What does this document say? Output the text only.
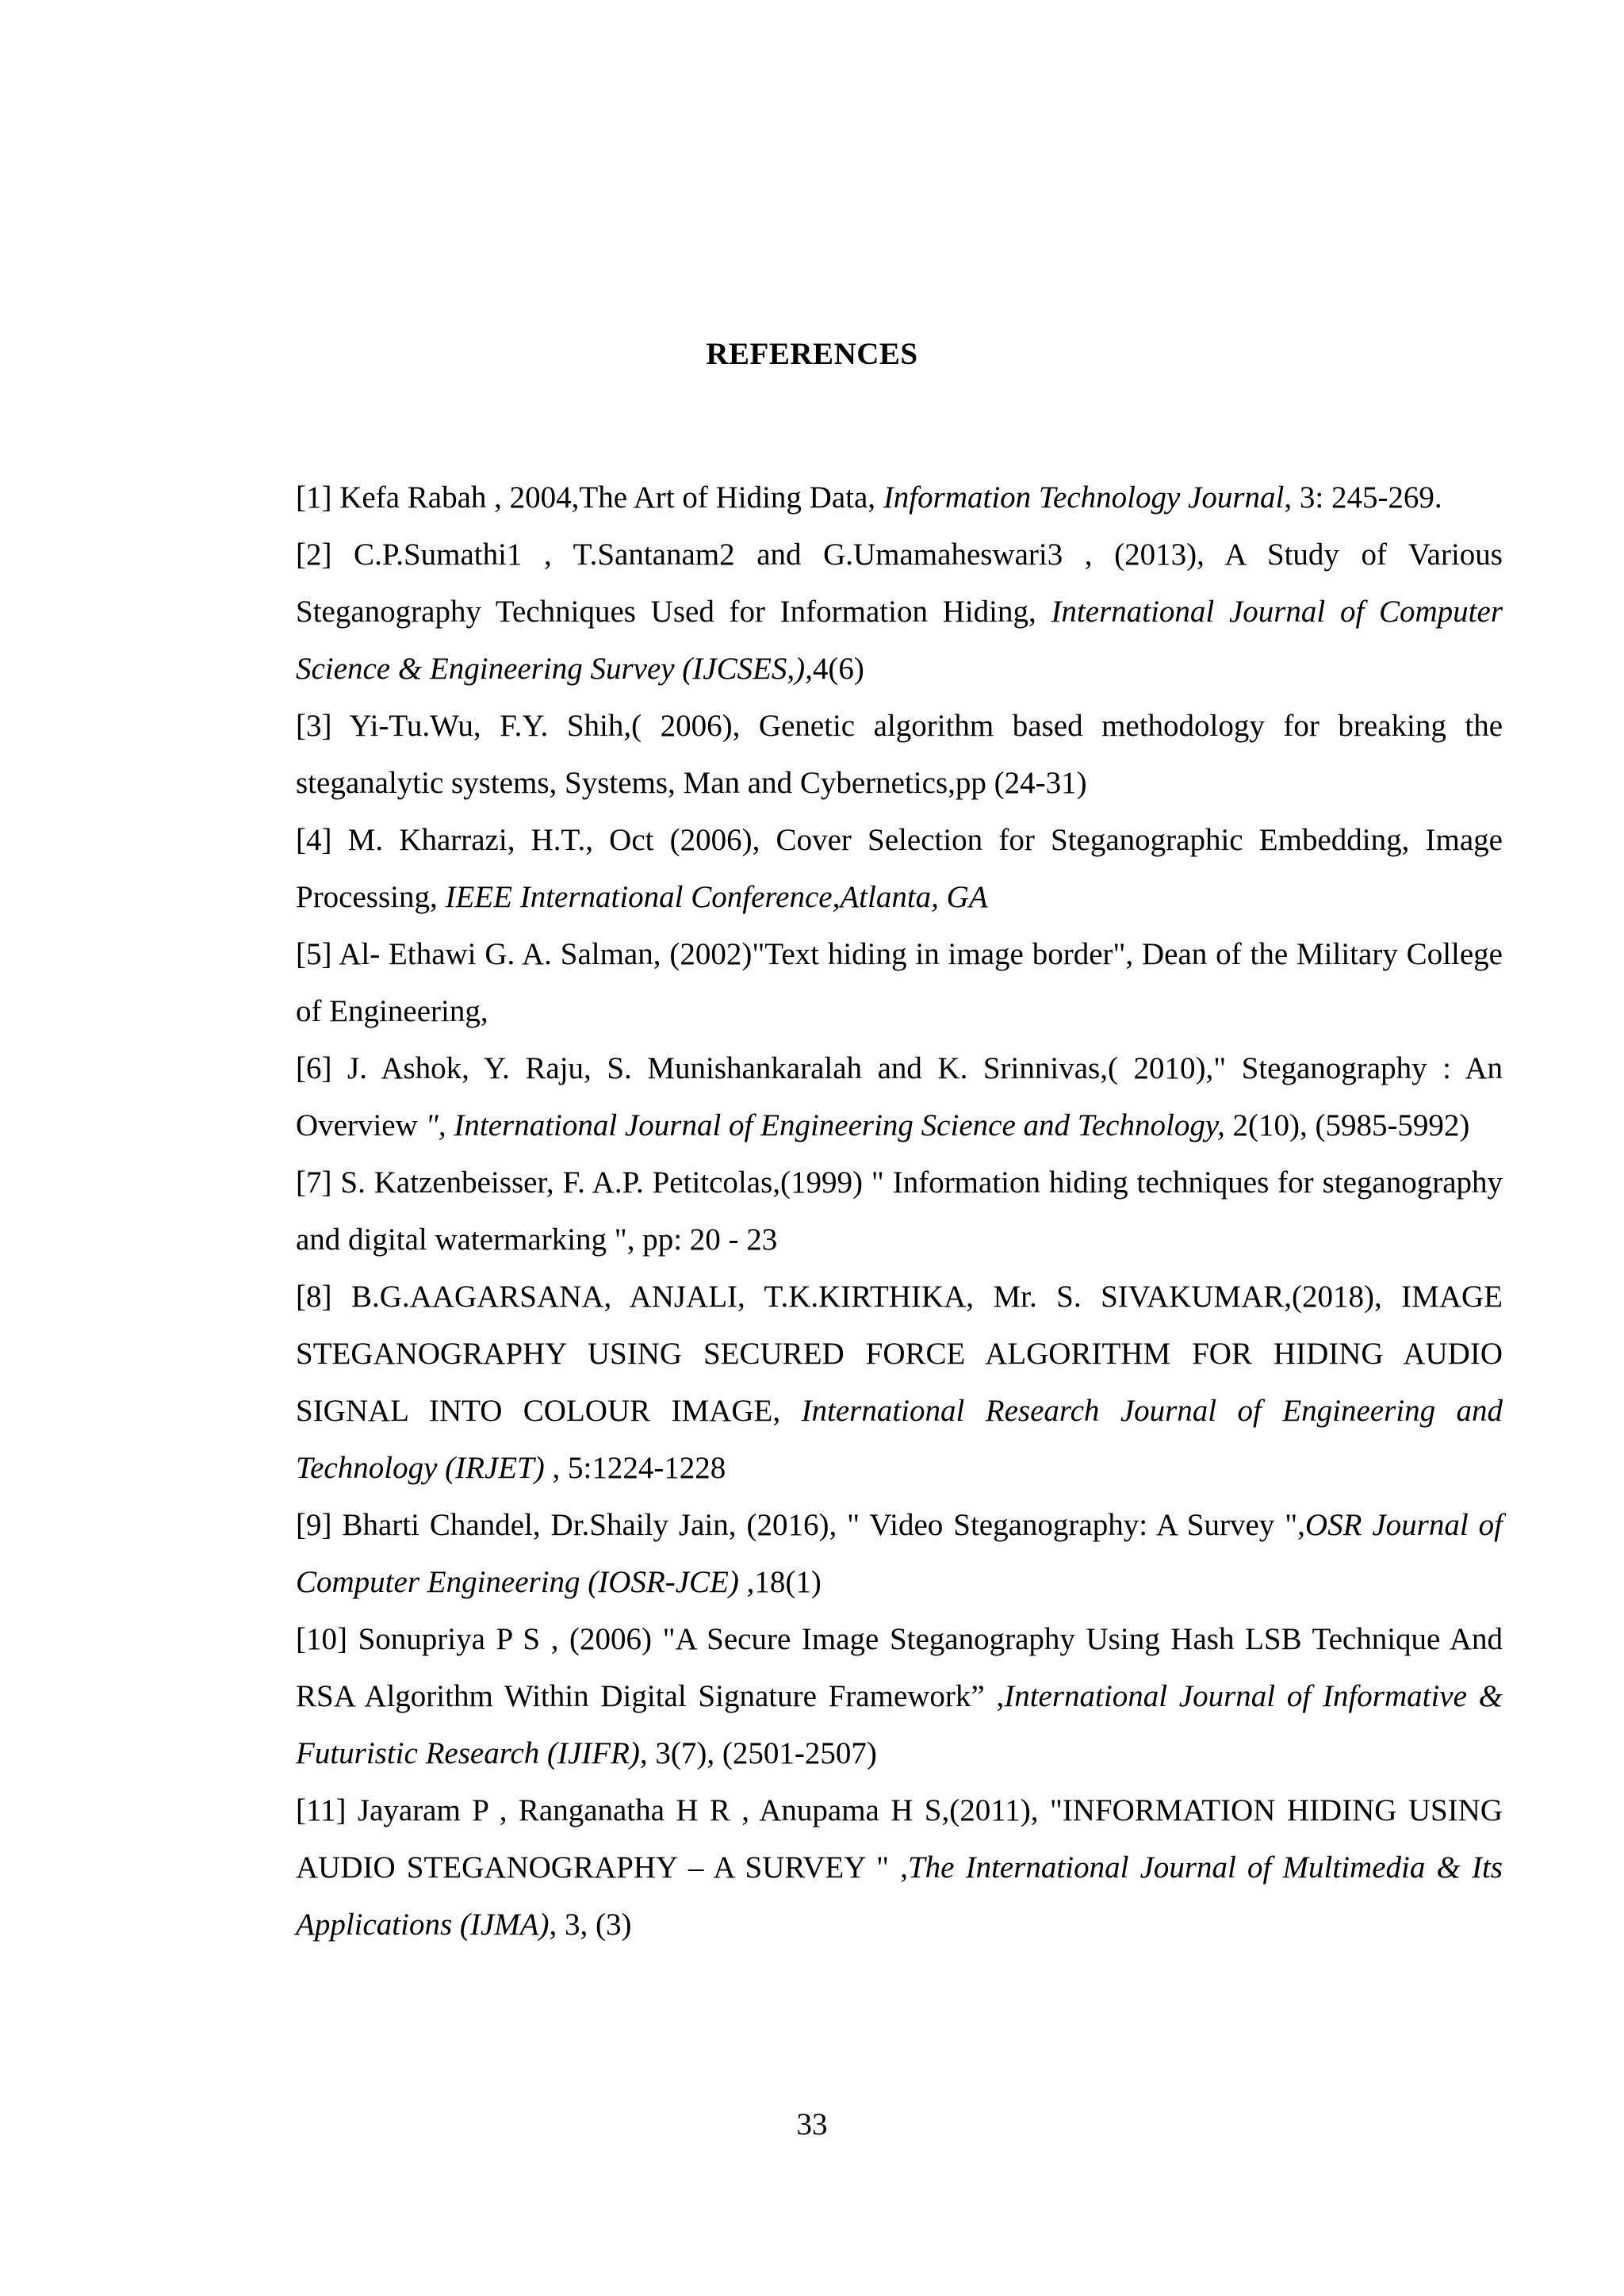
REFERENCES

[1] Kefa Rabah , 2004,The Art of Hiding Data, Information Technology Journal, 3: 245-269.

[2] C.P.Sumathi1 , T.Santanam2 and G.Umamaheswari3 , (2013), A Study of Various Steganography Techniques Used for Information Hiding, International Journal of Computer Science & Engineering Survey (IJCSES,),4(6)

[3] Yi-Tu.Wu, F.Y. Shih,( 2006), Genetic algorithm based methodology for breaking the steganalytic systems, Systems, Man and Cybernetics,pp (24-31)

[4] M. Kharrazi, H.T., Oct (2006), Cover Selection for Steganographic Embedding, Image Processing, IEEE International Conference,Atlanta, GA

[5] Al- Ethawi G. A. Salman, (2002)"Text hiding in image border", Dean of the Military College of Engineering,

[6] J. Ashok, Y. Raju, S. Munishankaralah and K. Srinnivas,( 2010)," Steganography : An Overview ", International Journal of Engineering Science and Technology, 2(10), (5985-5992)

[7] S. Katzenbeisser, F. A.P. Petitcolas,(1999) " Information hiding techniques for steganography and digital watermarking ", pp: 20 - 23

[8] B.G.AAGARSANA, ANJALI, T.K.KIRTHIKA, Mr. S. SIVAKUMAR,(2018), IMAGE STEGANOGRAPHY USING SECURED FORCE ALGORITHM FOR HIDING AUDIO SIGNAL INTO COLOUR IMAGE, International Research Journal of Engineering and Technology (IRJET) , 5:1224-1228

[9] Bharti Chandel, Dr.Shaily Jain, (2016), " Video Steganography: A Survey ",OSR Journal of Computer Engineering (IOSR-JCE) ,18(1)

[10] Sonupriya P S , (2006) "A Secure Image Steganography Using Hash LSB Technique And RSA Algorithm Within Digital Signature Framework” ,International Journal of Informative & Futuristic Research (IJIFR), 3(7), (2501-2507)

[11] Jayaram P , Ranganatha H R , Anupama H S,(2011), "INFORMATION HIDING USING AUDIO STEGANOGRAPHY – A SURVEY " ,The International Journal of Multimedia & Its Applications (IJMA), 3, (3)

33
